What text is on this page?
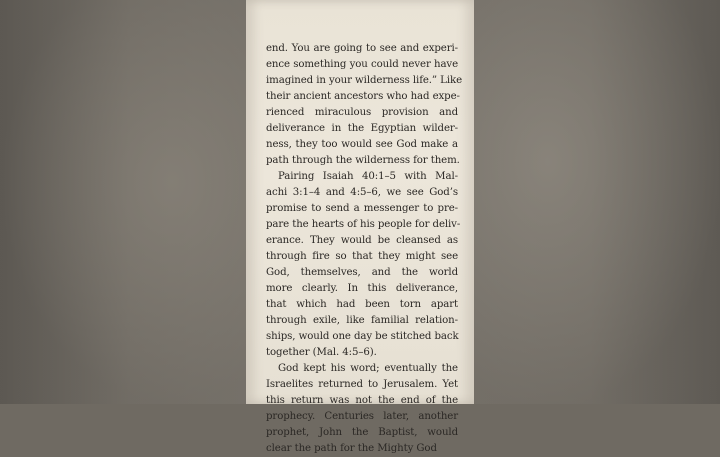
end. You are going to see and experi-
ence something you could never have
imagined in your wilderness life.” Like
their ancient ancestors who had expe-
rienced miraculous provision and
deliverance in the Egyptian wilder-
ness, they too would see God make a
path through the wilderness for them.

Pairing Isaiah 40:1–5 with Mal-
achi 3:1–4 and 4:5–6, we see God’s
promise to send a messenger to pre-
pare the hearts of his people for deliv-
erance. They would be cleansed as
through fire so that they might see
God, themselves, and the world
more clearly. In this deliverance,
that which had been torn apart
through exile, like familial relation-
ships, would one day be stitched back
together (Mal. 4:5–6).

God kept his word; eventually the
Israelites returned to Jerusalem. Yet
this return was not the end of the
prophecy. Centuries later, another
prophet, John the Baptist, would
clear the path for the Mighty God
